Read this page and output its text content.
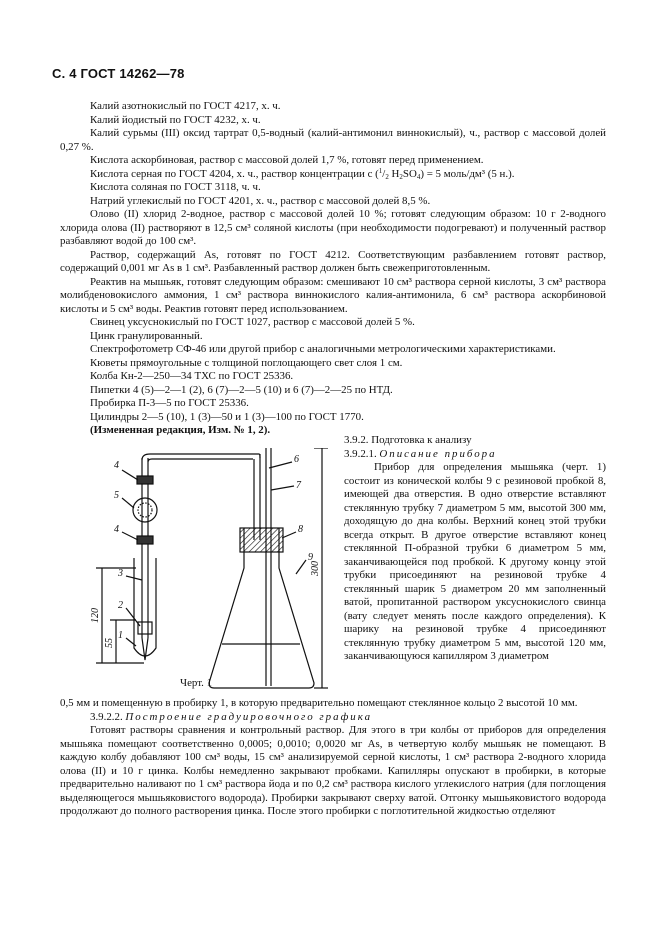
С. 4 ГОСТ 14262—78

Калий азотнокислый по ГОСТ 4217, х. ч.

Калий йодистый по ГОСТ 4232, х. ч.

Калий сурьмы (III) оксид тартрат 0,5-водный (калий-антимонил виннокислый), ч., раствор с массовой долей 0,27 %.

Кислота аскорбиновая, раствор с массовой долей 1,7 %, готовят перед применением.

Кислота серная по ГОСТ 4204, х. ч., раствор концентрации c ($^1/_2$ $H_2SO_4) = 5$ моль/дм³ (5 н.).

Кислота соляная по ГОСТ 3118, ч. ч.

Натрий углекислый по ГОСТ 4201, х. ч., раствор с массовой долей 8,5 %.

Олово (II) хлорид 2-водное, раствор с массовой долей 10 %; готовят следующим образом: 10 г 2-водного хлорида олова (II) растворяют в 12,5 см³ соляной кислоты (при необходимости подогревают) и полученный раствор разбавляют водой до 100 см³.

Раствор, содержащий As, готовят по ГОСТ 4212. Соответствующим разбавлением готовят раствор, содержащий 0,001 мг As в 1 см³. Разбавленный раствор должен быть свежеприготовленным.

Реактив на мышьяк, готовят следующим образом: смешивают 10 см³ раствора серной кислоты, 3 см³ раствора молибденовокислого аммония, 1 см³ раствора виннокислого калия-антимонила, 6 см³ раствора аскорбиновой кислоты и 5 см³ воды. Реактив готовят перед использованием.

Свинец уксуснокислый по ГОСТ 1027, раствор с массовой долей 5 %.

Цинк гранулированный.

Спектрофотометр СФ-46 или другой прибор с аналогичными метрологическими характеристиками.

Кюветы прямоугольные с толщиной поглощающего свет слоя 1 см.

Колба Кн-2—250—34 ТХС по ГОСТ 25336.

Пипетки 4 (5)—2—1 (2), 6 (7)—2—5 (10) и 6 (7)—2—25 по НТД.

Пробирка П-3—5 по ГОСТ 25336.

Цилиндры 2—5 (10), 1 (3)—50 и 1 (3)—100 по ГОСТ 1770.

(Измененная редакция, Изм. № 1, 2).

4
5
4
3
2
1
6
7
8
9
120
55
300
Черт. 1

3.9.2. Подготовка к анализу

3.9.2.1. Описание прибора

Прибор для определения мышьяка (черт. 1) состоит из конической колбы 9 с резиновой пробкой 8, имеющей два отверстия. В одно отверстие вставляют стеклянную трубку 7 диаметром 5 мм, высотой 300 мм, доходящую до дна колбы. Верхний конец этой трубки всегда открыт. В другое отверстие вставляют конец стеклянной П-образной трубки 6 диаметром 5 мм, заканчивающейся под пробкой. К другому концу этой трубки присоединяют на резиновой трубке 4 стеклянный шарик 5 диаметром 20 мм заполненный ватой, пропитанной раствором уксуснокислого свинца (вату следует менять после каждого определения). К шарику на резиновой трубке 4 присоединяют стеклянную трубку диаметром 5 мм, высотой 120 мм, заканчивающуюся капилляром 3 диаметром

0,5 мм и помещенную в пробирку 1, в которую предварительно помещают стеклянное кольцо 2 высотой 10 мм.

3.9.2.2. Построение градуировочного графика

Готовят растворы сравнения и контрольный раствор. Для этого в три колбы от приборов для определения мышьяка помещают соответственно 0,0005; 0,0010; 0,0020 мг As, в четвертую колбу мышьяк не помещают. В каждую колбу добавляют 100 см³ воды, 15 см³ анализируемой серной кислоты, 1 см³ раствора 2-водного хлорида олова (II) и 10 г цинка. Колбы немедленно закрывают пробками. Капилляры опускают в пробирки, в которые предварительно наливают по 1 см³ раствора йода и по 0,2 см³ раствора кислого углекислого натрия (для поглощения выделяющегося мышьяковистого водорода). Пробирки закрывают сверху ватой. Отгонку мышьяковистого водорода продолжают до полного растворения цинка. После этого пробирки с поглотительной жидкостью отделяют
